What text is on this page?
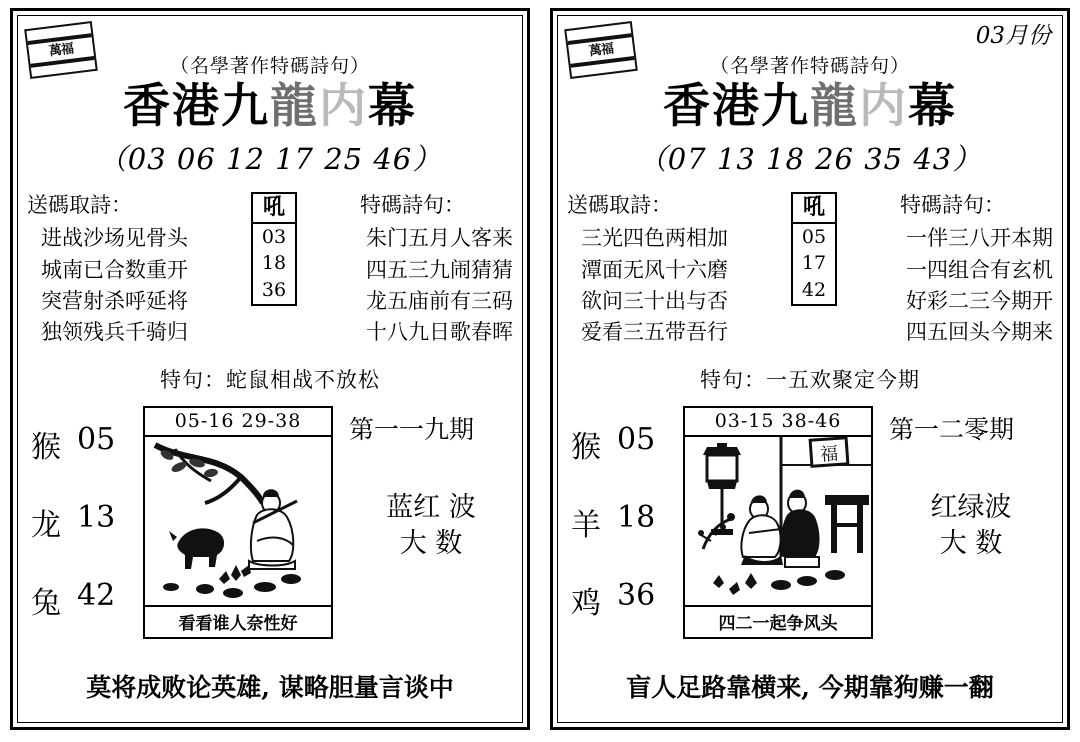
萬福
（名學著作特碼詩句）
香港九龍内幕
（03 06 12 17 25 46）
送碼取詩：
进战沙场见骨头
城南已合数重开
突营射杀呼延将
独领残兵千骑归
吼
03
18
36
特碼詩句：
朱门五月人客来
四五三九闹猜猜
龙五庙前有三码
十八九日歌春晖
特句：蛇鼠相战不放松
猴 05
龙 13
兔 42
05-16 29-38
看看谁人奈性好
第一一九期
蓝红 波
大 数
莫将成败论英雄, 谋略胆量言谈中
萬福
03月份
（名學著作特碼詩句）
香港九龍内幕
（07 13 18 26 35 43）
送碼取詩：
三光四色两相加
潭面无风十六磨
欲问三十出与否
爱看三五带吾行
吼
05
17
42
特碼詩句：
一伴三八开本期
一四组合有玄机
好彩二三今期开
四五回头今期来
特句：一五欢聚定今期
猴 05
羊 18
鸡 36
03-15 38-46
福
四二一起争风头
第一二零期
红绿波
大 数
盲人足路靠横来, 今期靠狗赚一翻
